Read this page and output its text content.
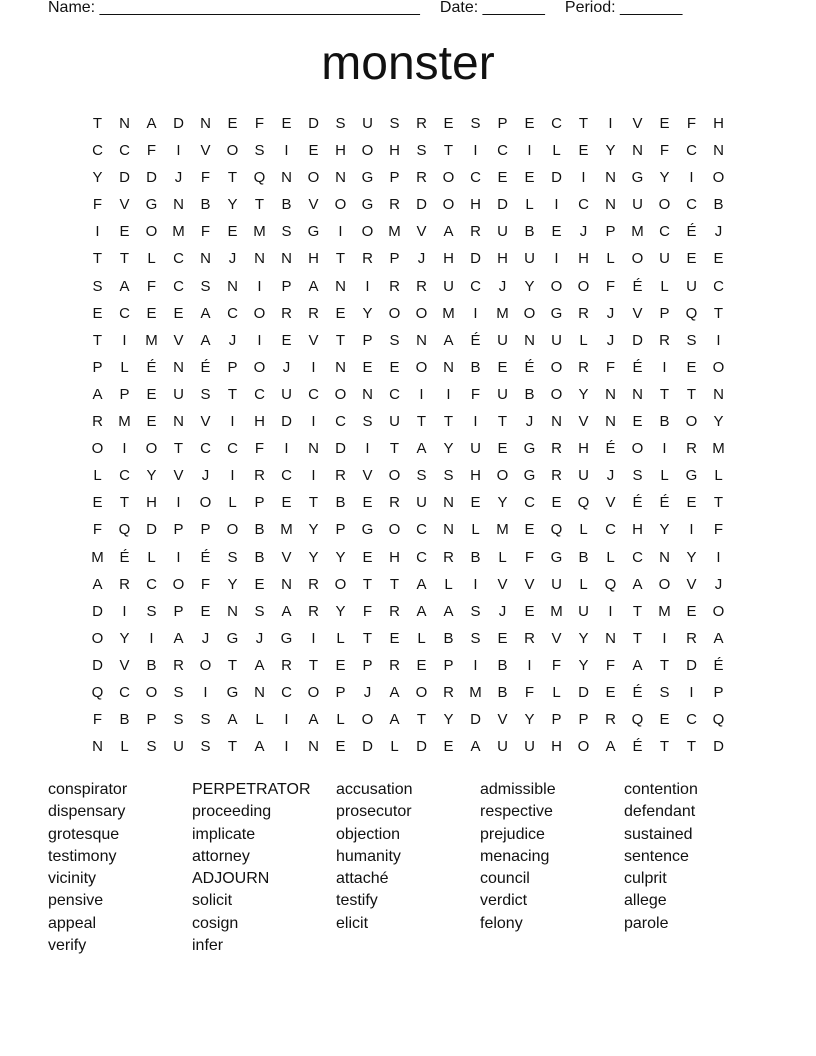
Name: ____________________________________ Date: _______ Period: _______
monster
T	N	A	D	N	E	F	E	D	S	U	S	R	E	S	P	E	C	T	I	V	E	F	H
C	C	F	I	V	O	S	I	E	H	O	H	S	T	I	C	I	L	E	Y	N	F	C	N
Y	D	D	J	F	T	Q	N	O	N	G	P	R	O	C	E	E	D	I	N	G	Y	I	O
F	V	G	N	B	Y	T	B	V	O	G	R	D	O	H	D	L	I	C	N	U	O	C	B
I	E	O M	F	E	M	S	G	I	O M	V	A	R	U	B	E	J	P	M	C	É	J
T	T	L	C	N	J	N	N	H	T	R	P	J	H	D	H	U	I	H	L	O	U	E	E
S	A	F	C	S	N	I	P	A	N	I	R	R	U	C	J	Y	O	O	F	É	L	U	C
E	C	E	E	A	C	O	R	R	E	Y	O	O M	I	M O	G	R	J	V	P	Q	T
T	I	M	V	A	J	I	E	V	T	P	S	N	A	É	U	N	U	L	J	D	R	S	I
P	L	É	N	É	P	O	J	I	N	E	E	O	N	B	E	É	O	R	F	É	I	E	O
A	P	E	U	S	T	C	U	C	O	N	C	I	I	F	U	B	O	Y	N	N	T	T	N
R	M	E	N	V	I	H	D	I	C	S	U	T	T	I	T	J	N	V	N	E	B	O	Y
O	I	O	T	C	C	F	I	N	D	I	T	A	Y	U	E	G	R	H	É	O	I	R	M
L	C	Y	V	J	I	R	C	I	R	V	O	S	S	H	O	G	R	U	J	S	L	G	L
E	T	H	I	O	L	P	E	T	B	E	R	U	N	E	Y	C	E	Q	V	É	É	E	T
F	Q	D	P	P	O	B	M	Y	P	G	O	C	N	L	M	E	Q	L	C	H	Y	I	F
M	É	L	I	É	S	B	V	Y	Y	E	H	C	R	B	L	F	G	B	L	C	N	Y	I
A	R	C	O	F	Y	E	N	R	O	T	T	A	L	I	V	V	U	L	Q	A	O	V	J
D	I	S	P	E	N	S	A	R	Y	F	R	A	A	S	J	E	M	U	I	T	M	E	O
O	Y	I	A	J	G	J	G	I	L	T	E	L	B	S	E	R	V	Y	N	T	I	R	A
D	V	B	R	O	T	A	R	T	E	P	R	E	P	I	B	I	F	Y	F	A	T	D	É
Q	C	O	S	I	G	N	C	O	P	J	A	O	R	M	B	F	L	D	E	É	S	I	P
F	B	P	S	S	A	L	I	A	L	O	A	T	Y	D	V	Y	P	P	R	Q	E	C	Q
N	L	S	U	S	T	A	I	N	E	D	L	D	E	A	U	U	H	O	A	É	T	T	D
conspirator	PERPETRATOR	accusation	admissible	contention
dispensary	proceeding	prosecutor	respective	defendant
grotesque	implicate	objection	prejudice	sustained
testimony	attorney	humanity	menacing	sentence
vicinity	ADJOURN	attaché	council	culprit
pensive	solicit	testify	verdict	allege
appeal	cosign	elicit	felony	parole
verify	infer
